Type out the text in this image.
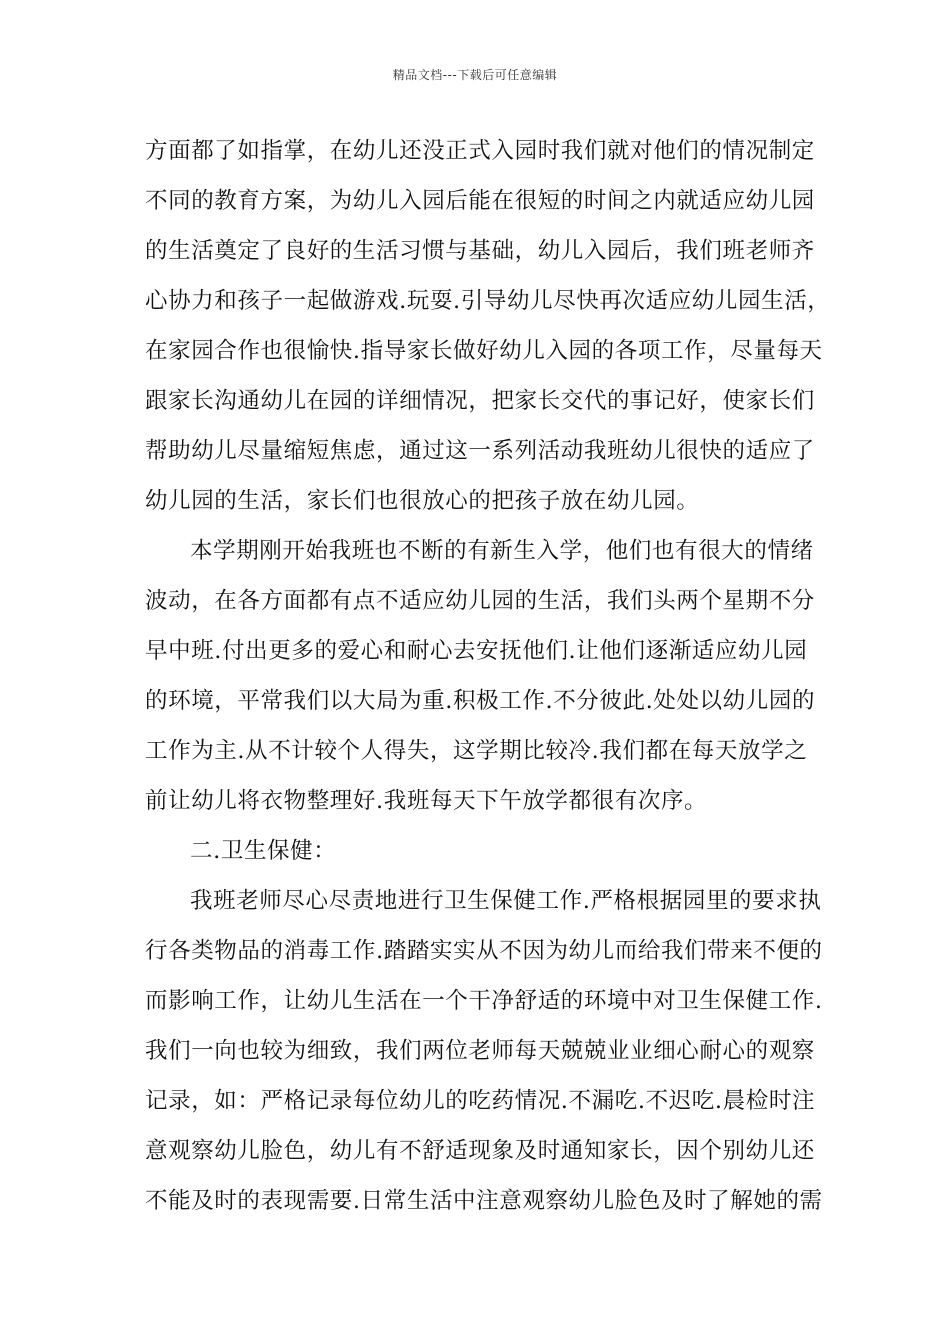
精品文档---下载后可任意编辑
方面都了如指掌，在幼儿还没正式入园时我们就对他们的情况制定
不同的教育方案，为幼儿入园后能在很短的时间之内就适应幼儿园
的生活奠定了良好的生活习惯与基础，幼儿入园后，我们班老师齐
心协力和孩子一起做游戏.玩耍.引导幼儿尽快再次适应幼儿园生活，
在家园合作也很愉快.指导家长做好幼儿入园的各项工作，尽量每天
跟家长沟通幼儿在园的详细情况，把家长交代的事记好，使家长们
帮助幼儿尽量缩短焦虑，通过这一系列活动我班幼儿很快的适应了
幼儿园的生活，家长们也很放心的把孩子放在幼儿园。
本学期刚开始我班也不断的有新生入学，他们也有很大的情绪
波动，在各方面都有点不适应幼儿园的生活，我们头两个星期不分
早中班.付出更多的爱心和耐心去安抚他们.让他们逐渐适应幼儿园
的环境，平常我们以大局为重.积极工作.不分彼此.处处以幼儿园的
工作为主.从不计较个人得失，这学期比较冷.我们都在每天放学之
前让幼儿将衣物整理好.我班每天下午放学都很有次序。
二.卫生保健：
我班老师尽心尽责地进行卫生保健工作.严格根据园里的要求执
行各类物品的消毒工作.踏踏实实从不因为幼儿而给我们带来不便的
而影响工作，让幼儿生活在一个干净舒适的环境中对卫生保健工作.
我们一向也较为细致，我们两位老师每天兢兢业业细心耐心的观察
记录，如：严格记录每位幼儿的吃药情况.不漏吃.不迟吃.晨检时注
意观察幼儿脸色，幼儿有不舒适现象及时通知家长，因个别幼儿还
不能及时的表现需要.日常生活中注意观察幼儿脸色及时了解她的需
